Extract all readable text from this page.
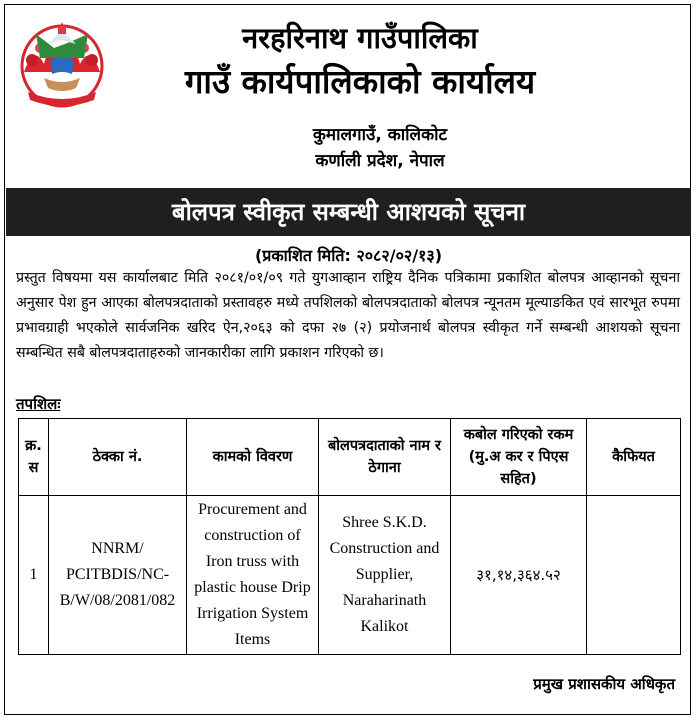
नरहरिनाथ गाउँपालिका
गाउँ कार्यपालिकाको कार्यालय
कुमालगाउँ, कालिकोट
कर्णाली प्रदेश, नेपाल
बोलपत्र स्वीकृत सम्बन्धी आशयको सूचना
(प्रकाशित मिति: २०८२/०२/१३)
प्रस्तुत विषयमा यस कार्यालबाट मिति २०८१/०१/०९ गते युगआव्हान राष्ट्रिय दैनिक पत्रिकामा प्रकाशित बोलपत्र आव्हानको सूचना अनुसार पेश हुन आएका बोलपत्रदाताको प्रस्तावहरु मध्ये तपशिलको बोलपत्रदाताको बोलपत्र न्यूनतम मूल्याङकित एवं सारभूत रुपमा प्रभावग्राही भएकोले सार्वजनिक खरिद ऐन,२०६३ को दफा २७ (२) प्रयोजनार्थ बोलपत्र स्वीकृत गर्ने सम्बन्धी आशयको सूचना सम्बन्धित सबै बोलपत्रदाताहरुको जानकारीका लागि प्रकाशन गरिएको छ।
तपशिलः
क्र. स	ठेक्का नं.	कामको विवरण	बोलपत्रदाताको नाम र ठेगाना	कबोल गरिएको रकम (मु.अ कर र पिएस सहित)	कैफियत
1	NNRM/ PCITBDIS/NC-B/W/08/2081/082	Procurement and construction of Iron truss with plastic house Drip Irrigation System Items	Shree S.K.D. Construction and Supplier, Naraharinath Kalikot	३१,१४,३६४.५२	
प्रमुख प्रशासकीय अधिकृत
